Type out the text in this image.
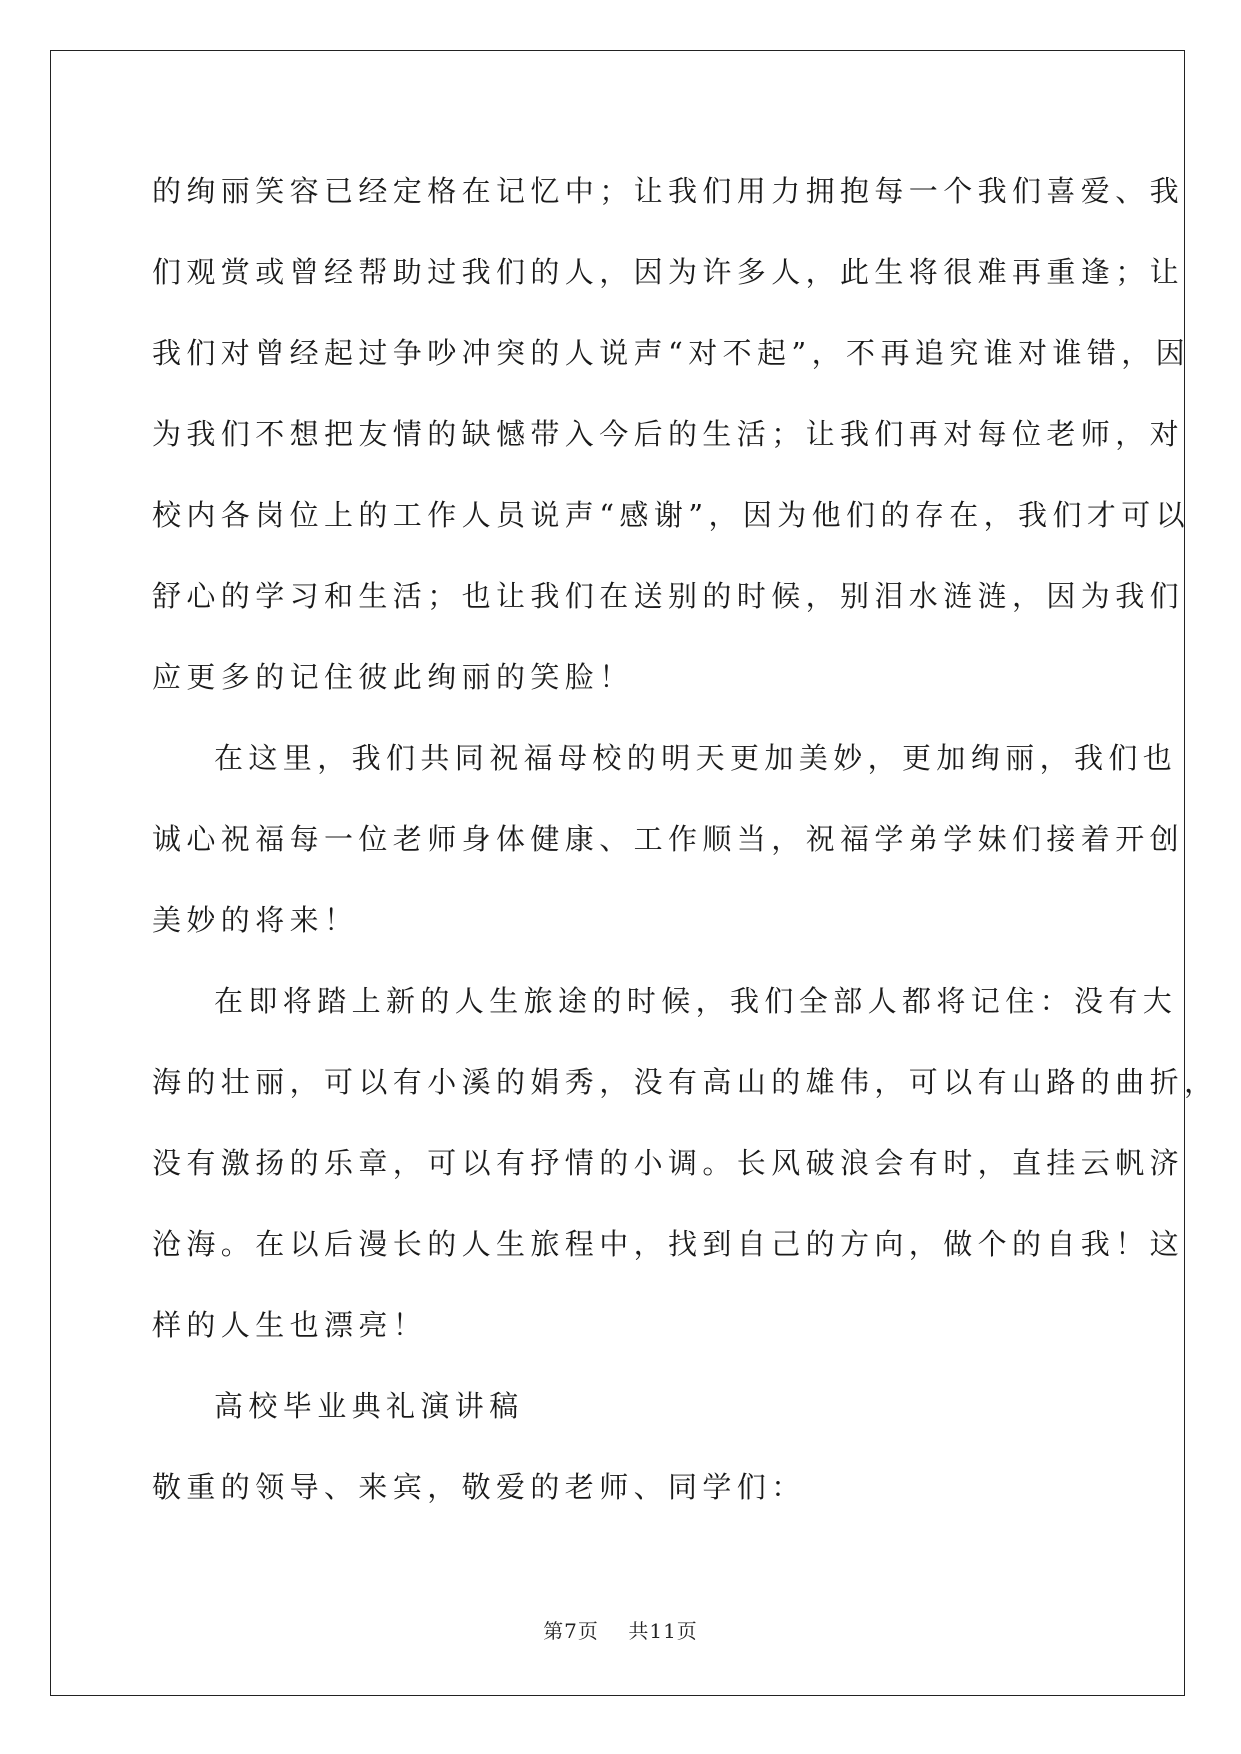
的绚丽笑容已经定格在记忆中；让我们用力拥抱每一个我们喜爱、我
们观赏或曾经帮助过我们的人，因为许多人，此生将很难再重逢；让
我们对曾经起过争吵冲突的人说声“对不起”，不再追究谁对谁错，因
为我们不想把友情的缺憾带入今后的生活；让我们再对每位老师，对
校内各岗位上的工作人员说声“感谢”，因为他们的存在，我们才可以
舒心的学习和生活；也让我们在送别的时候，别泪水涟涟，因为我们
应更多的记住彼此绚丽的笑脸！
在这里，我们共同祝福母校的明天更加美妙，更加绚丽，我们也
诚心祝福每一位老师身体健康、工作顺当，祝福学弟学妹们接着开创
美妙的将来！
在即将踏上新的人生旅途的时候，我们全部人都将记住：没有大
海的壮丽，可以有小溪的娟秀，没有高山的雄伟，可以有山路的曲折，
没有激扬的乐章，可以有抒情的小调。长风破浪会有时，直挂云帆济
沧海。在以后漫长的人生旅程中，找到自己的方向，做个的自我！这
样的人生也漂亮！
高校毕业典礼演讲稿
敬重的领导、来宾，敬爱的老师、同学们：
第7页 共11页
